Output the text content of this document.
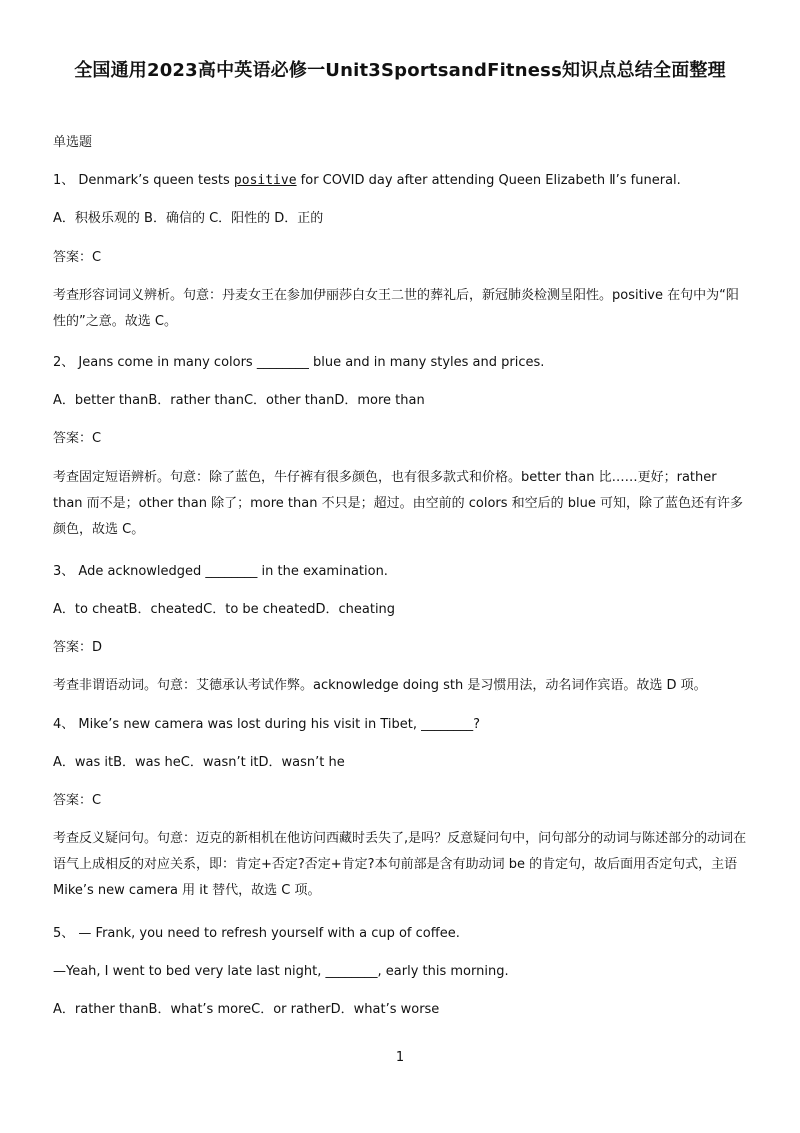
全国通用2023高中英语必修一Unit3SportsandFitness知识点总结全面整理
单选题
1、 Denmark’s queen tests positive for COVID day after attending Queen Elizabeth Ⅱ’s funeral.
A．积极乐观的 B．确信的 C．阳性的 D．正的
答案：C
考查形容词词义辨析。句意：丹麦女王在参加伊丽莎白女王二世的葬礼后，新冠肺炎检测呈阳性。positive 在句中为“阳性的”之意。故选 C。
2、 Jeans come in many colors ________ blue and in many styles and prices.
A．better thanB．rather thanC．other thanD．more than
答案：C
考查固定短语辨析。句意：除了蓝色，牛仔裤有很多颜色，也有很多款式和价格。better than 比……更好；rather than 而不是；other than 除了；more than 不只是；超过。由空前的 colors 和空后的 blue 可知，除了蓝色还有许多颜色，故选 C。
3、 Ade acknowledged ________ in the examination.
A．to cheatB．cheatedC．to be cheatedD．cheating
答案：D
考查非谓语动词。句意：艾德承认考试作弊。acknowledge doing sth 是习惯用法，动名词作宾语。故选 D 项。
4、 Mike’s new camera was lost during his visit in Tibet, ________?
A．was itB．was heC．wasn’t itD．wasn’t he
答案：C
考查反义疑问句。句意：迈克的新相机在他访问西藏时丢失了,是吗？反意疑问句中，问句部分的动词与陈述部分的动词在语气上成相反的对应关系，即：肯定+否定?否定+肯定?本句前部是含有助动词 be 的肯定句，故后面用否定句式，主语 Mike’s new camera 用 it 替代，故选 C 项。
5、 — Frank, you need to refresh yourself with a cup of coffee.
—Yeah, I went to bed very late last night, ________, early this morning.
A．rather thanB．what’s moreC．or ratherD．what’s worse
1
